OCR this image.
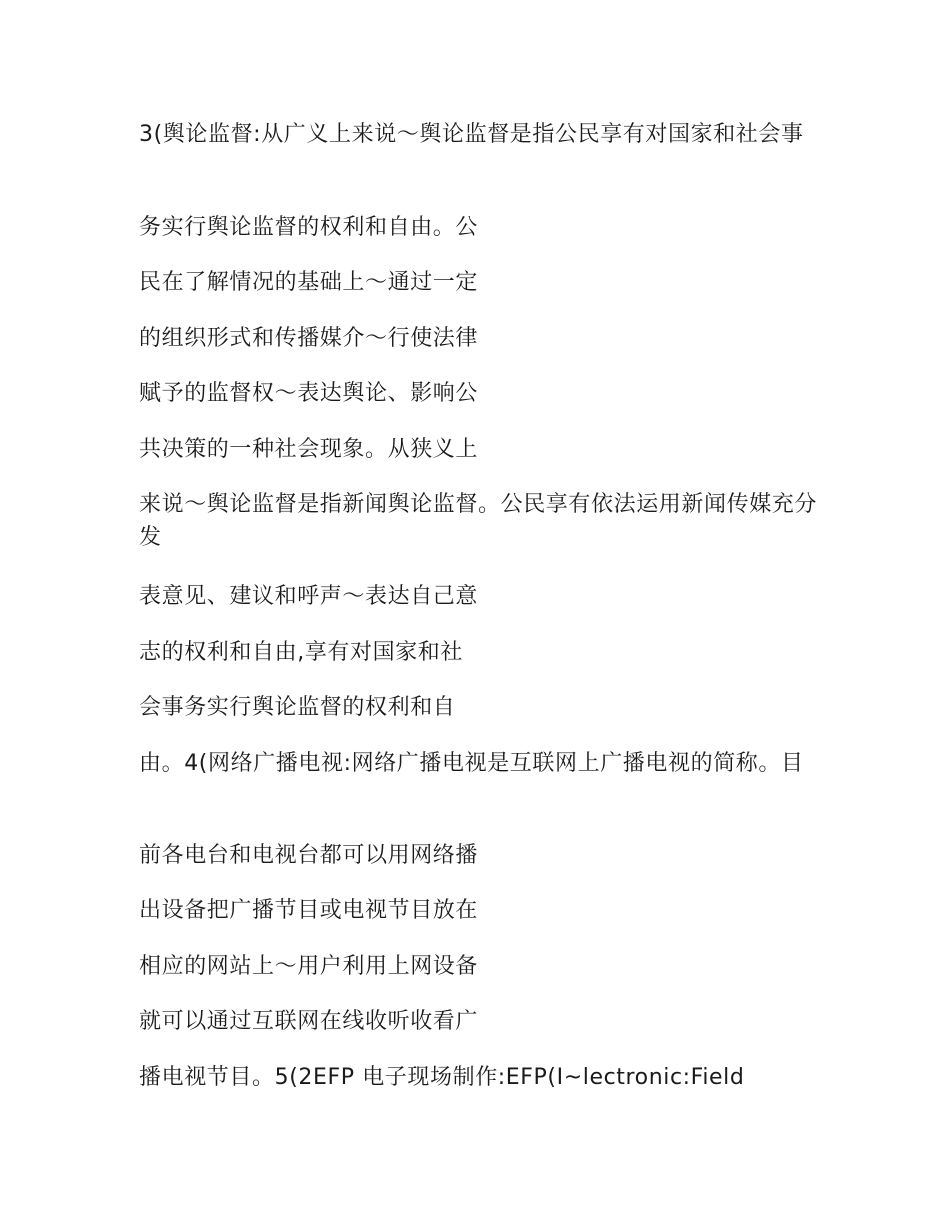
3(舆论监督:从广义上来说～舆论监督是指公民享有对国家和社会事
务实行舆论监督的权利和自由。公
民在了解情况的基础上～通过一定
的组织形式和传播媒介～行使法律
赋予的监督权～表达舆论、影响公
共决策的一种社会现象。从狭义上
来说～舆论监督是指新闻舆论监督。公民享有依法运用新闻传媒充分发
表意见、建议和呼声～表达自己意
志的权利和自由,享有对国家和社
会事务实行舆论监督的权利和自
由。4(网络广播电视:网络广播电视是互联网上广播电视的简称。目
前各电台和电视台都可以用网络播
出设备把广播节目或电视节目放在
相应的网站上～用户利用上网设备
就可以通过互联网在线收听收看广
播电视节目。5(2EFP 电子现场制作:EFP(I~lectronic:Field
